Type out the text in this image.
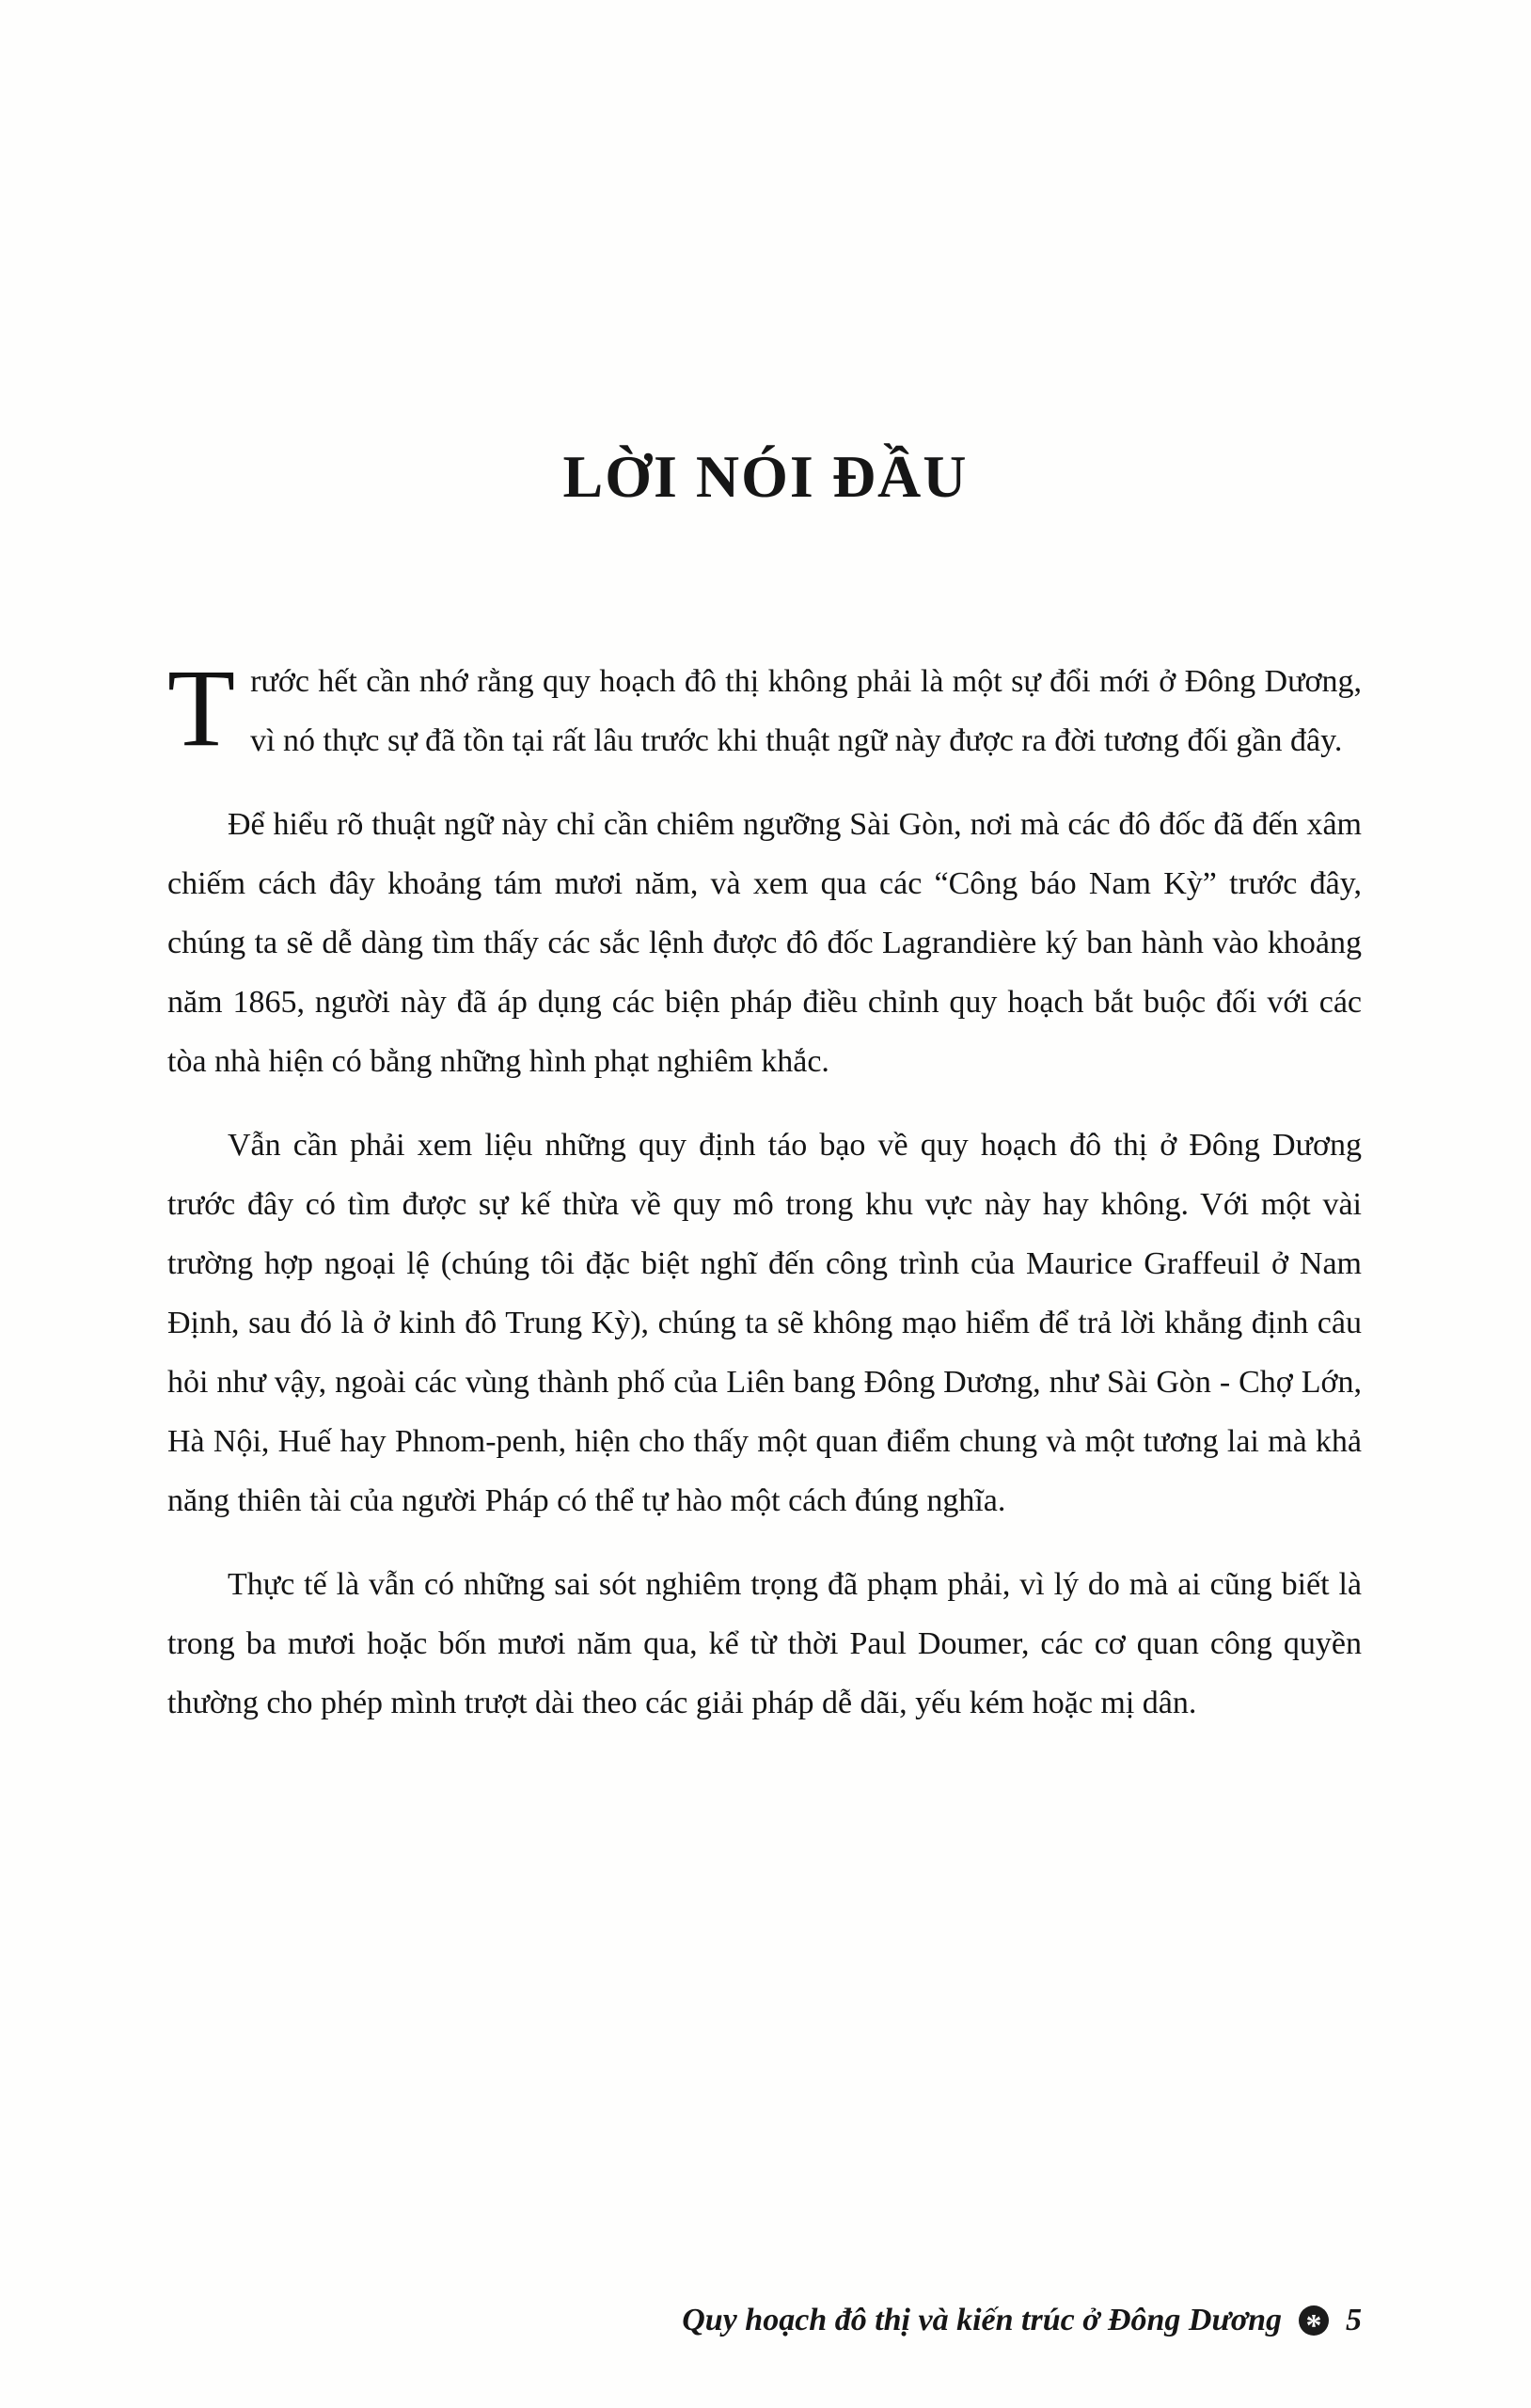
LỜI NÓI ĐẦU

Trước hết cần nhớ rằng quy hoạch đô thị không phải là một sự đổi mới ở Đông Dương, vì nó thực sự đã tồn tại rất lâu trước khi thuật ngữ này được ra đời tương đối gần đây.

Để hiểu rõ thuật ngữ này chỉ cần chiêm ngưỡng Sài Gòn, nơi mà các đô đốc đã đến xâm chiếm cách đây khoảng tám mươi năm, và xem qua các “Công báo Nam Kỳ” trước đây, chúng ta sẽ dễ dàng tìm thấy các sắc lệnh được đô đốc Lagrandière ký ban hành vào khoảng năm 1865, người này đã áp dụng các biện pháp điều chỉnh quy hoạch bắt buộc đối với các tòa nhà hiện có bằng những hình phạt nghiêm khắc.

Vẫn cần phải xem liệu những quy định táo bạo về quy hoạch đô thị ở Đông Dương trước đây có tìm được sự kế thừa về quy mô trong khu vực này hay không. Với một vài trường hợp ngoại lệ (chúng tôi đặc biệt nghĩ đến công trình của Maurice Graffeuil ở Nam Định, sau đó là ở kinh đô Trung Kỳ), chúng ta sẽ không mạo hiểm để trả lời khẳng định câu hỏi như vậy, ngoài các vùng thành phố của Liên bang Đông Dương, như Sài Gòn - Chợ Lớn, Hà Nội, Huế hay Phnom-penh, hiện cho thấy một quan điểm chung và một tương lai mà khả năng thiên tài của người Pháp có thể tự hào một cách đúng nghĩa.

Thực tế là vẫn có những sai sót nghiêm trọng đã phạm phải, vì lý do mà ai cũng biết là trong ba mươi hoặc bốn mươi năm qua, kể từ thời Paul Doumer, các cơ quan công quyền thường cho phép mình trượt dài theo các giải pháp dễ dãi, yếu kém hoặc mị dân.

Quy hoạch đô thị và kiến trúc ở Đông Dương * 5
